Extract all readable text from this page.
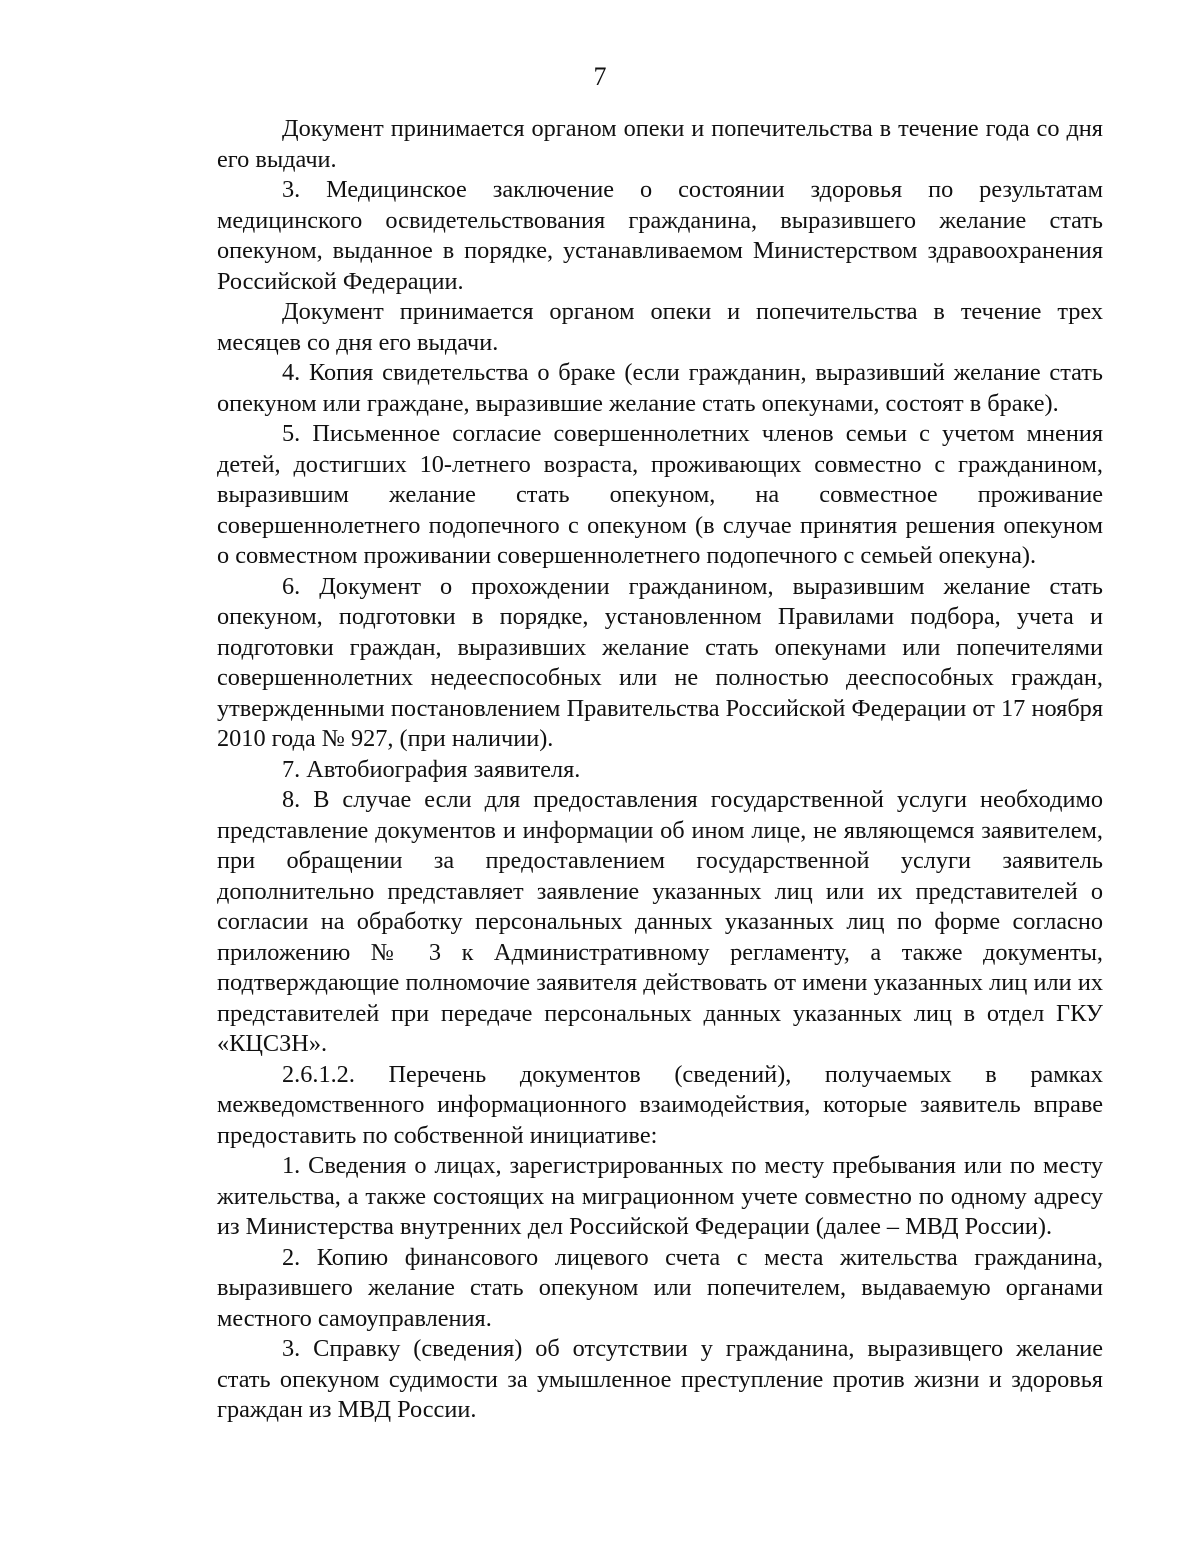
7

Документ принимается органом опеки и попечительства в течение года со дня его выдачи.

3. Медицинское заключение о состоянии здоровья по результатам медицинского освидетельствования гражданина, выразившего желание стать опекуном, выданное в порядке, устанавливаемом Министерством здравоохранения Российской Федерации.

Документ принимается органом опеки и попечительства в течение трех месяцев со дня его выдачи.

4. Копия свидетельства о браке (если гражданин, выразивший желание стать опекуном или граждане, выразившие желание стать опекунами, состоят в браке).

5. Письменное согласие совершеннолетних членов семьи с учетом мнения детей, достигших 10-летнего возраста, проживающих совместно с гражданином, выразившим желание стать опекуном, на совместное проживание совершеннолетнего подопечного с опекуном (в случае принятия решения опекуном о совместном проживании совершеннолетнего подопечного с семьей опекуна).

6. Документ о прохождении гражданином, выразившим желание стать опекуном, подготовки в порядке, установленном Правилами подбора, учета и подготовки граждан, выразивших желание стать опекунами или попечителями совершеннолетних недееспособных или не полностью дееспособных граждан, утвержденными постановлением Правительства Российской Федерации от 17 ноября 2010 года № 927, (при наличии).

7. Автобиография заявителя.

8. В случае если для предоставления государственной услуги необходимо представление документов и информации об ином лице, не являющемся заявителем, при обращении за предоставлением государственной услуги заявитель дополнительно представляет заявление указанных лиц или их представителей о согласии на обработку персональных данных указанных лиц по форме согласно приложению № 3 к Административному регламенту, а также документы, подтверждающие полномочие заявителя действовать от имени указанных лиц или их представителей при передаче персональных данных указанных лиц в отдел ГКУ «КЦСЗН».

2.6.1.2. Перечень документов (сведений), получаемых в рамках межведомственного информационного взаимодействия, которые заявитель вправе предоставить по собственной инициативе:

1. Сведения о лицах, зарегистрированных по месту пребывания или по месту жительства, а также состоящих на миграционном учете совместно по одному адресу из Министерства внутренних дел Российской Федерации (далее – МВД России).

2. Копию финансового лицевого счета с места жительства гражданина, выразившего желание стать опекуном или попечителем, выдаваемую органами местного самоуправления.

3. Справку (сведения) об отсутствии у гражданина, выразивщего желание стать опекуном судимости за умышленное преступление против жизни и здоровья граждан из МВД России.
